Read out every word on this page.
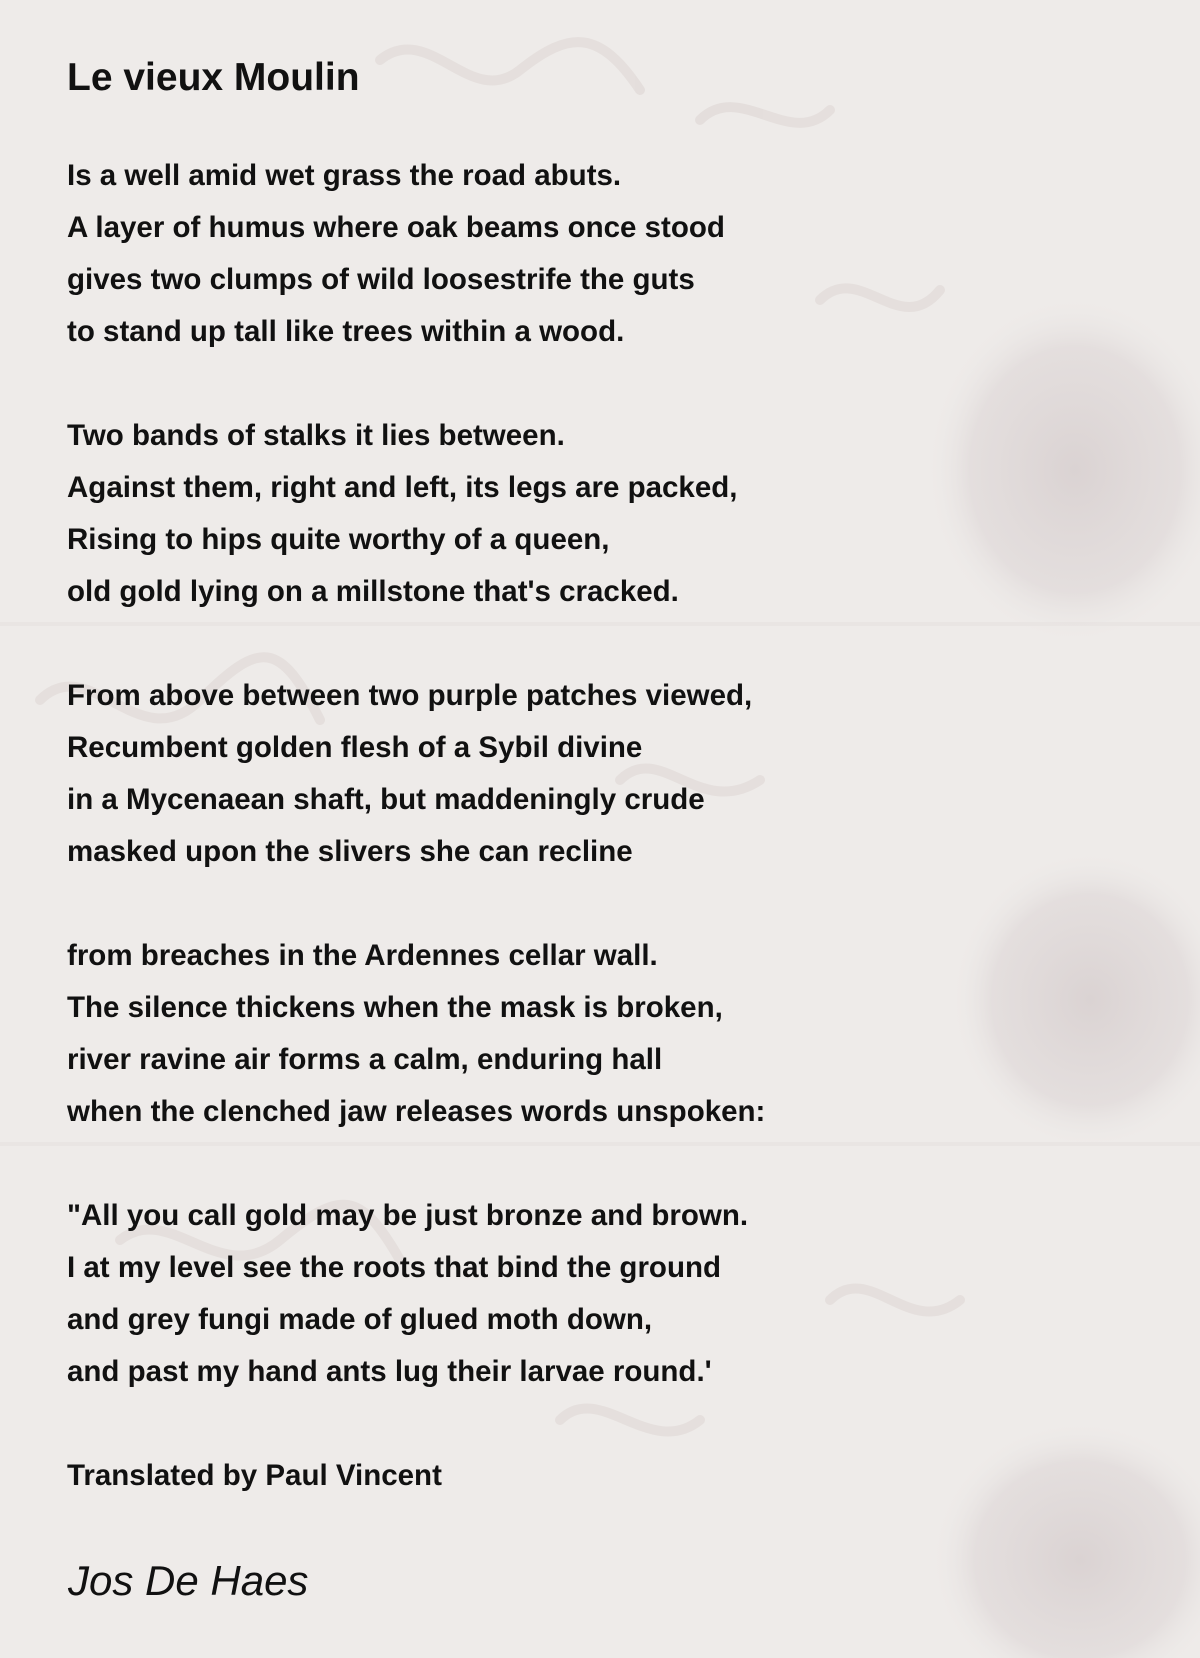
Le vieux Moulin
Is a well amid wet grass the road abuts.
A layer of humus where oak beams once stood
gives two clumps of wild loosestrife the guts
to stand up tall like trees within a wood.
Two bands of stalks it lies between.
Against them, right and left, its legs are packed,
Rising to hips quite worthy of a queen,
old gold lying on a millstone that's cracked.
From above between two purple patches viewed,
Recumbent golden flesh of a Sybil divine
in a Mycenaean shaft, but maddeningly crude
masked upon the slivers she can recline
from breaches in the Ardennes cellar wall.
The silence thickens when the mask is broken,
river ravine air forms a calm, enduring hall
when the clenched jaw releases words unspoken:
"All you call gold may be just bronze and brown.
I at my level see the roots that bind the ground
and grey fungi made of glued moth down,
and past my hand ants lug their larvae round.'
Translated by Paul Vincent
Jos De Haes
